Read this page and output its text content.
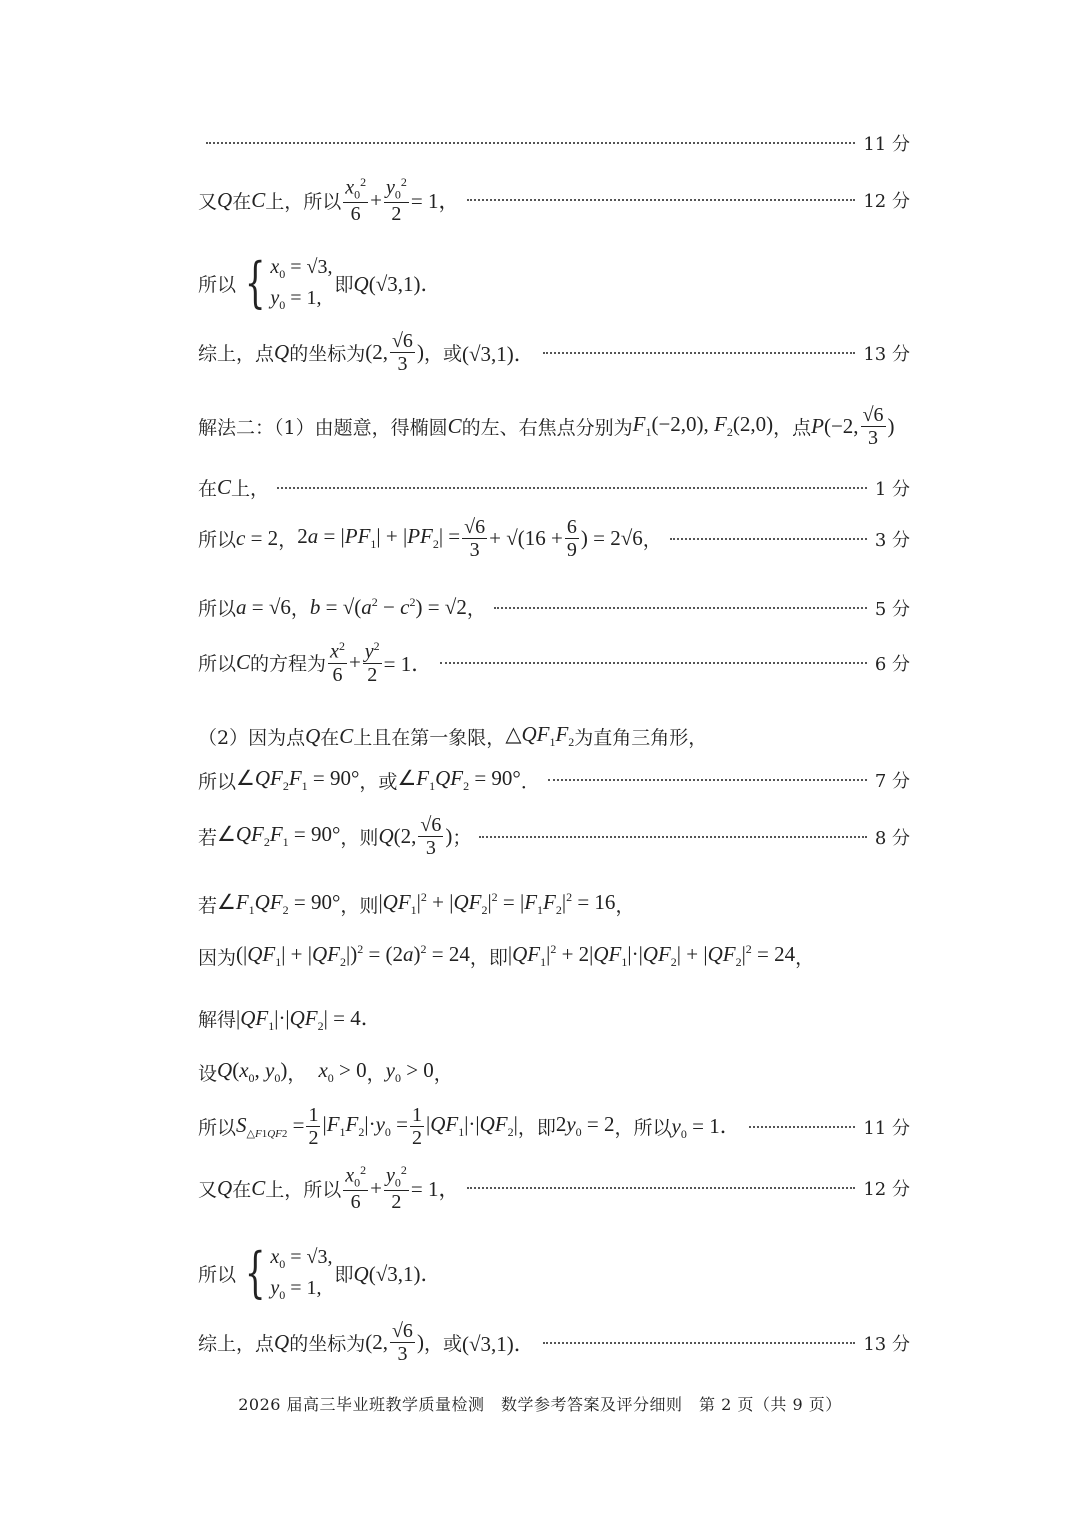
11 分
又 Q 在 C 上，所以 $\frac{x_0^2}{6} + \frac{y_0^2}{2} = 1$，	12 分
所以 { $x_0 = √3$,
$y_0 = 1$,
即 Q(√3,1)．
综上，点 Q 的坐标为 (2, $\frac{√6}{3}$ ) ，或 (√3,1)．	13 分
解法二：（1）由题意，得椭圆 C 的左、右焦点分别为 $F_1(-2,0)$, $F_2(2,0)$ ，点 P(−2, $\frac{√6}{3}$ )
在 C 上，	1 分
所以 c = 2 ， $2a = |PF_1| + |PF_2| = \frac{√6}{3} + √(16 + \frac{6}{9}$ ) = 2√6 ，	3 分
所以 a = √6 ， $b = √(a^2 - c^2) = √2$ ，	5 分
所以 C 的方程为 $\frac{x^2}{6} + \frac{y^2}{2} = 1$．	6 分
（2）因为点 Q 在 C 上且在第一象限， $\triangle QF_1F_2$ 为直角三角形，
所以 $\angle QF_2F_1 = 90^\circ$ ，或 $\angle F_1QF_2 = 90^\circ$ ．	7 分
若 $\angle QF_2F_1 = 90^\circ$ ，则 Q(2, $\frac{√6}{3}$ ) ；	8 分
若 $\angle F_1QF_2 = 90^\circ$ ，则 $|QF_1|^2 + |QF_2|^2 = |F_1F_2|^2 = 16$ ，
因为 $(|QF_1| + |QF_2|)^2 = (2a)^2 = 24$ ，即 $|QF_1|^2 + 2|QF_1|\cdot|QF_2| + |QF_2|^2 = 24$ ，
解得 $|QF_1|\cdot|QF_2| = 4$．
设 $Q(x_0$, $y_0$) ， $x_0 > 0$ ， $y_0 > 0$ ，
所以 $S_{\triangle F1QF2} = \frac{1}{2} |F_1F_2|\cdot y_0 = \frac{1}{2} |QF_1|\cdot|QF_2|$ ，即 $2y_0 = 2$ ，所以 $y_0 = 1$．	11 分
又 Q 在 C 上，所以 $\frac{x_0^2}{6} + \frac{y_0^2}{2} = 1$，	12 分
所以 { $x_0 = √3$,
$y_0 = 1$,
即 Q(√3,1)．
综上，点 Q 的坐标为 (2, $\frac{√6}{3}$ ) ，或 (√3,1)．	13 分
2026 届高三毕业班教学质量检测　数学参考答案及评分细则　第 2 页（共 9 页）
